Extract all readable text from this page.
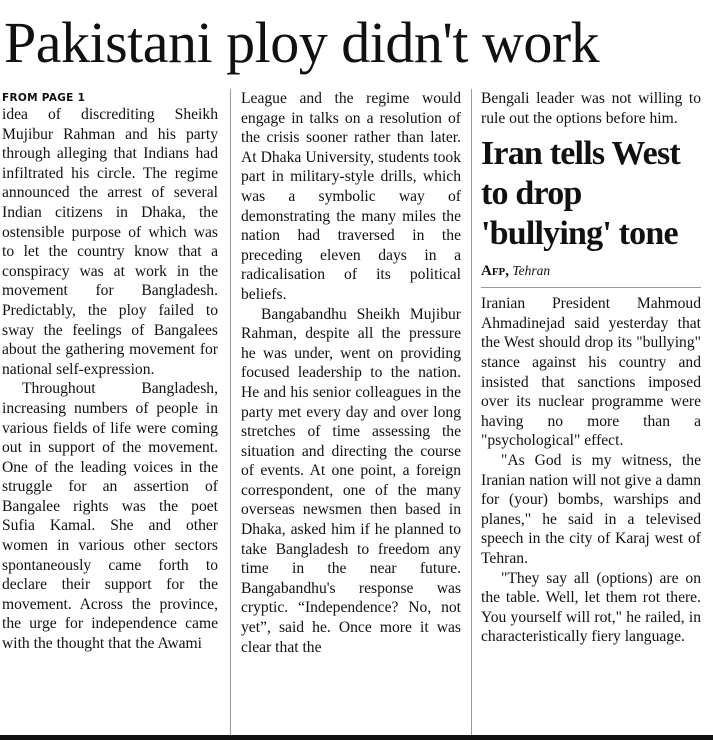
Pakistani ploy didn't work
FROM PAGE 1

idea of discrediting Sheikh Mujibur Rahman and his party through alleging that Indians had infiltrated his circle. The regime announced the arrest of several Indian citizens in Dhaka, the ostensible purpose of which was to let the country know that a conspiracy was at work in the movement for Bangladesh. Predictably, the ploy failed to sway the feelings of Bangalees about the gathering movement for national self-expression.

Throughout Bangladesh, increasing numbers of people in various fields of life were coming out in support of the movement. One of the leading voices in the struggle for an assertion of Bangalee rights was the poet Sufia Kamal. She and other women in various other sectors spontaneously came forth to declare their support for the movement. Across the province, the urge for independence came with the thought that the Awami

League and the regime would engage in talks on a resolution of the crisis sooner rather than later. At Dhaka University, students took part in military-style drills, which was a symbolic way of demonstrating the many miles the nation had traversed in the preceding eleven days in a radicalisation of its political beliefs.

Bangabandhu Sheikh Mujibur Rahman, despite all the pressure he was under, went on providing focused leadership to the nation. He and his senior colleagues in the party met every day and over long stretches of time assessing the situation and directing the course of events. At one point, a foreign correspondent, one of the many overseas newsmen then based in Dhaka, asked him if he planned to take Bangladesh to freedom any time in the near future. Bangabandhu's response was cryptic. “Independence? No, not yet”, said he. Once more it was clear that the

Bengali leader was not willing to rule out the options before him.

Iran tells West to drop 'bullying' tone
Afp, Tehran

Iranian President Mahmoud Ahmadinejad said yesterday that the West should drop its "bullying" stance against his country and insisted that sanctions imposed over its nuclear programme were having no more than a "psychological" effect.

"As God is my witness, the Iranian nation will not give a damn for (your) bombs, warships and planes," he said in a televised speech in the city of Karaj west of Tehran.

"They say all (options) are on the table. Well, let them rot there. You yourself will rot," he railed, in characteristically fiery language.
